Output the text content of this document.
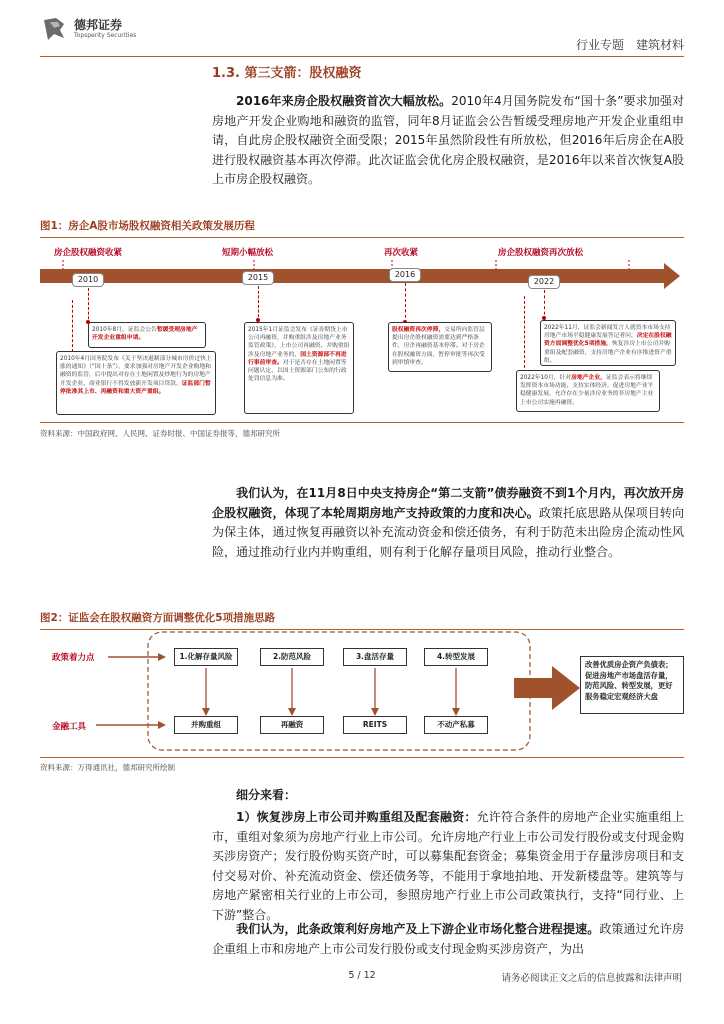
德邦证券
Topsperity Securities
行业专题 建筑材料
1.3. 第三支箭：股权融资
2016年来房企股权融资首次大幅放松。2010年4月国务院发布“国十条”要求加强对房地产开发企业购地和融资的监管，同年8月证监会公告暂缓受理房地产开发企业重组申请，自此房企股权融资全面受限；2015年虽然阶段性有所放松，但2016年后房企在A股进行股权融资基本再次停滞。此次证监会优化房企股权融资，是2016年以来首次恢复A股上市房企股权融资。
图1：房企A股市场股权融资相关政策发展历程
房企股权融资收紧	短期小幅放松	再次收紧	房企股权融资再次放松
2010	2015	2016
2022
2010年8月，证监会公告暂缓受理房地产开发企业重组申请。
2010年4月国务院发布《关于坚决遏制部分城市房价过快上涨的通知》（“国十条”），要求加强对房地产开发企业购地和融资的监管，后中提出对存在土地闲置及炒地行为的房地产开发企业，商业银行不得发放新开发项目贷款，证监部门暂停批准其上市、再融资和重大资产重组。
2015年1月证监会发布《证券期货上市公司再融资，并购重组涉及房地产业务监管政策》，上市公司再融资、并购重组涉及房地产业务的，国土资源部不再进行事前审查。对于是否存在土地闲置等问题认定，以国土资源部门公布的行政处罚信息为准。
股权融资再次停滞，交易所向监管层提出房企股权融资需要达到严格条件，房企再融资基本停滞。对于房企在股权融资方面，暂停审批等再次受到审慎审查。
2022年11月，证监会新闻发言人就资本市场支持房地产市场平稳健康发展答记者问，决定在股权融资方面调整优化5项措施，恢复涉房上市公司并购重组及配套融资，支持房地产企业有序推进资产重组。
2022年10月，针对房地产企业，证监会表示将继续发挥资本市场功能，支持实体经济，促进房地产业平稳健康发展，允许存在少量涉房业务的非房地产主业上市公司实施再融资。
资料来源：中国政府网、人民网、证券时报、中国证券报等，德邦研究所
我们认为，在11月8日中央支持房企“第二支箭”债券融资不到1个月内，再次放开房企股权融资，体现了本轮周期房地产支持政策的力度和决心。政策托底思路从保项目转向为保主体，通过恢复再融资以补充流动资金和偿还债务，有利于防范未出险房企流动性风险，通过推动行业内并购重组，则有利于化解存量项目风险，推动行业整合。
图2：证监会在股权融资方面调整优化5项措施思路
政策着力点
金融工具
1.化解存量风险	2.防范风险	3.盘活存量	4.转型发展
并购重组	再融资	REITS	不动产私募
改善优质房企资产负债表；促进房地产市场盘活存量，防范风险、转型发展，更好服务稳定宏观经济大盘
资料来源：万得通讯社，德邦研究所绘制
细分来看：
1）恢复涉房上市公司并购重组及配套融资：允许符合条件的房地产企业实施重组上市，重组对象须为房地产行业上市公司。允许房地产行业上市公司发行股份或支付现金购买涉房资产；发行股份购买资产时，可以募集配套资金；募集资金用于存量涉房项目和支付交易对价、补充流动资金、偿还债务等，不能用于拿地拍地、开发新楼盘等。建筑等与房地产紧密相关行业的上市公司，参照房地产行业上市公司政策执行，支持“同行业、上下游”整合。
我们认为，此条政策利好房地产及上下游企业市场化整合进程提速。政策通过允许房企重组上市和房地产上市公司发行股份或支付现金购买涉房资产，为出
5 / 12	请务必阅读正文之后的信息披露和法律声明
